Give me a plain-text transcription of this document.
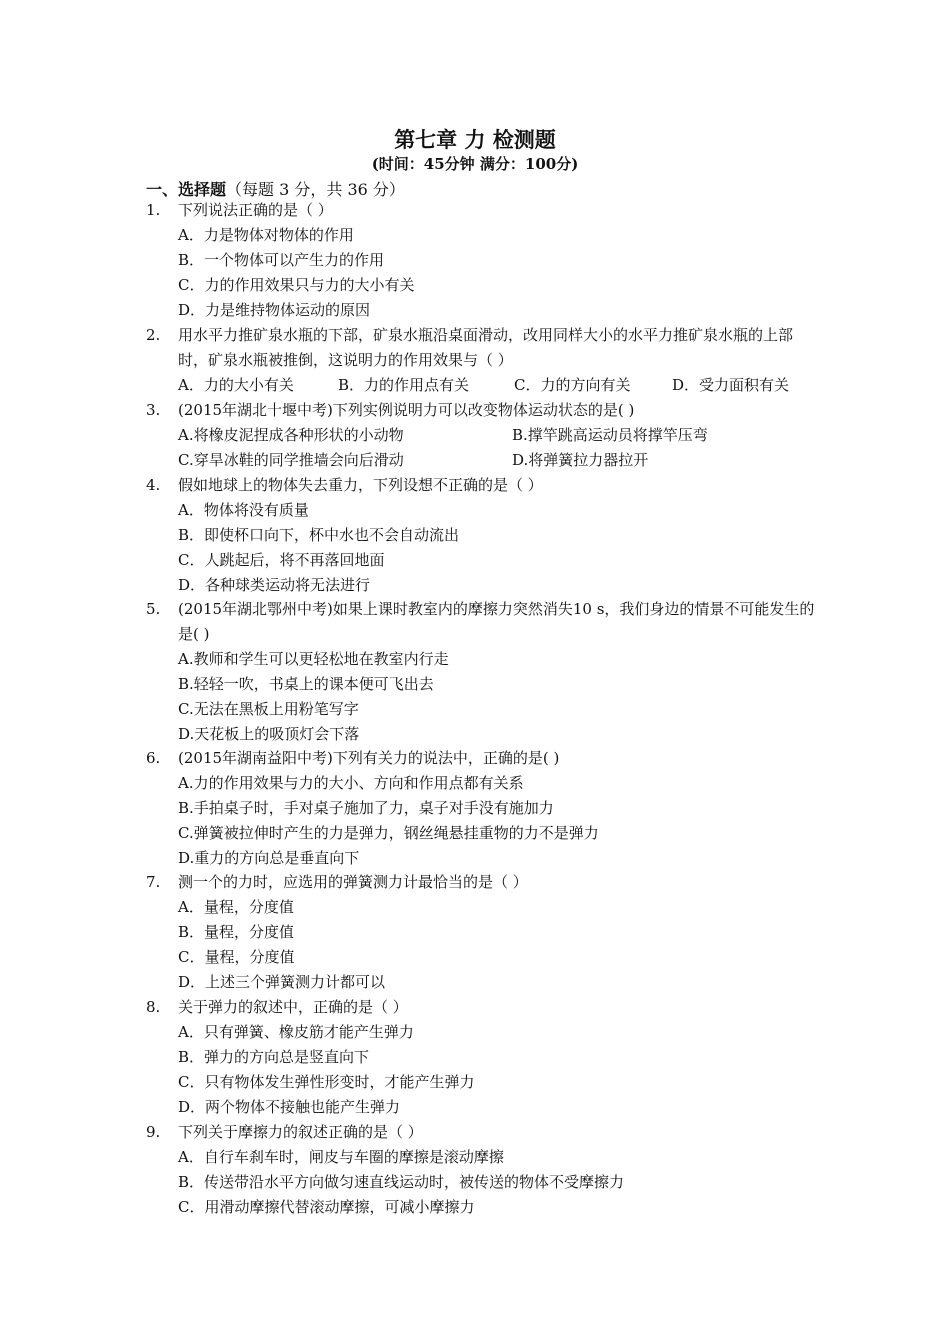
第七章 力 检测题
(时间：45分钟 满分：100分)
一、选择题（每题 3 分，共 36 分）
1. 下列说法正确的是（ ）
A．力是物体对物体的作用
B．一个物体可以产生力的作用
C．力的作用效果只与力的大小有关
D．力是维持物体运动的原因
2. 用水平力推矿泉水瓶的下部，矿泉水瓶沿桌面滑动，改用同样大小的水平力推矿泉水瓶的上部时，矿泉水瓶被推倒，这说明力的作用效果与（ ）
A．力的大小有关	B．力的作用点有关	C．力的方向有关	D．受力面积有关
3. (2015年湖北十堰中考)下列实例说明力可以改变物体运动状态的是( )
A.将橡皮泥捏成各种形状的小动物	B.撑竿跳高运动员将撑竿压弯
C.穿旱冰鞋的同学推墙会向后滑动	D.将弹簧拉力器拉开
4. 假如地球上的物体失去重力，下列设想不正确的是（ ）
A．物体将没有质量
B．即使杯口向下，杯中水也不会自动流出
C．人跳起后，将不再落回地面
D．各种球类运动将无法进行
5. (2015年湖北鄂州中考)如果上课时教室内的摩擦力突然消失10 s，我们身边的情景不可能发生的是( )
A.教师和学生可以更轻松地在教室内行走
B.轻轻一吹，书桌上的课本便可飞出去
C.无法在黑板上用粉笔写字
D.天花板上的吸顶灯会下落
6. (2015年湖南益阳中考)下列有关力的说法中，正确的是( )
A.力的作用效果与力的大小、方向和作用点都有关系
B.手拍桌子时，手对桌子施加了力，桌子对手没有施加力
C.弹簧被拉伸时产生的力是弹力，钢丝绳悬挂重物的力不是弹力
D.重力的方向总是垂直向下
7. 测一个的力时，应选用的弹簧测力计最恰当的是（ ）
A．量程，分度值
B．量程，分度值
C．量程，分度值
D．上述三个弹簧测力计都可以
8. 关于弹力的叙述中，正确的是（ ）
A．只有弹簧、橡皮筋才能产生弹力
B．弹力的方向总是竖直向下
C．只有物体发生弹性形变时，才能产生弹力
D．两个物体不接触也能产生弹力
9. 下列关于摩擦力的叙述正确的是（ ）
A．自行车刹车时，闸皮与车圈的摩擦是滚动摩擦
B．传送带沿水平方向做匀速直线运动时，被传送的物体不受摩擦力
C．用滑动摩擦代替滚动摩擦，可减小摩擦力
